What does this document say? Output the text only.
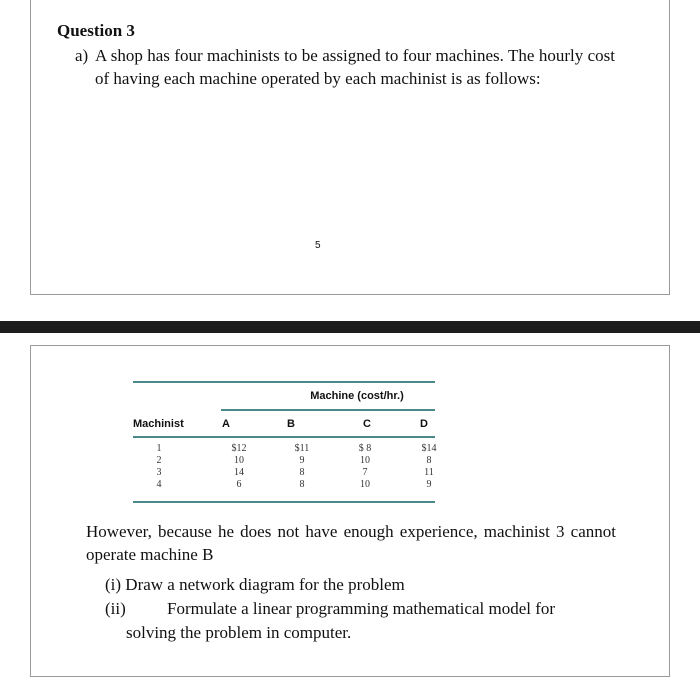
Question 3
a) A shop has four machinists to be assigned to four machines. The hourly cost of having each machine operated by each machinist is as follows:
5
Machine (cost/hr.)
Machinist	A	B	C	D
1	$12	$11	$ 8	$14
2	10	9	10	8
3	14	8	7	11
4	6	8	10	9
However, because he does not have enough experience, machinist 3 cannot operate machine B
(i) Draw a network diagram for the problem
(ii) Formulate a linear programming mathematical model for
solving the problem in computer.
